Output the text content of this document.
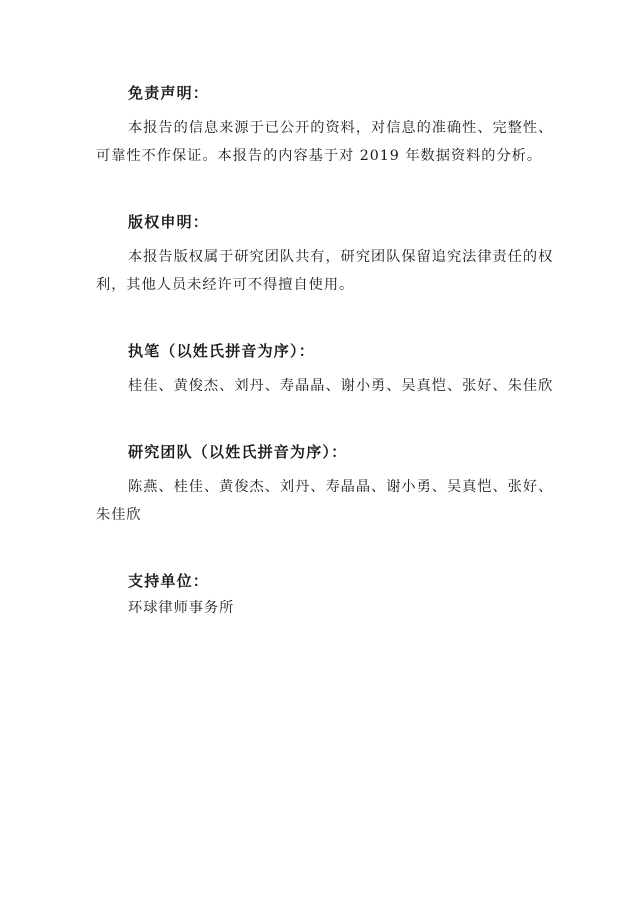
免责声明：
本报告的信息来源于已公开的资料，对信息的准确性、完整性、
可靠性不作保证。本报告的内容基于对 2019 年数据资料的分析。
版权申明：
本报告版权属于研究团队共有，研究团队保留追究法律责任的权
利，其他人员未经许可不得擅自使用。
执笔（以姓氏拼音为序）：
桂佳、黄俊杰、刘丹、寿晶晶、谢小勇、吴真恺、张好、朱佳欣
研究团队（以姓氏拼音为序）：
陈燕、桂佳、黄俊杰、刘丹、寿晶晶、谢小勇、吴真恺、张好、
朱佳欣
支持单位：
环球律师事务所
